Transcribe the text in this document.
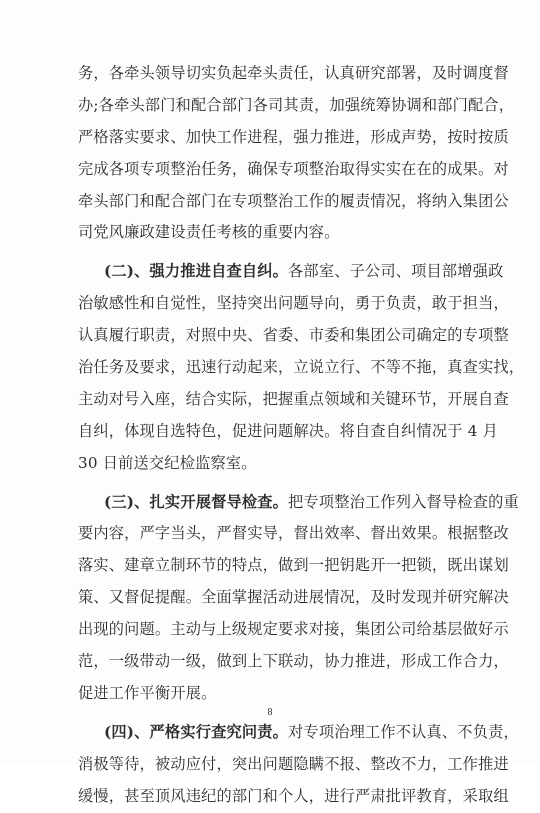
务，各牵头领导切实负起牵头责任，认真研究部署，及时调度督
办;各牵头部门和配合部门各司其责，加强统筹协调和部门配合，
严格落实要求、加快工作进程，强力推进，形成声势，按时按质
完成各项专项整治任务，确保专项整治取得实实在在的成果。对
牵头部门和配合部门在专项整治工作的履责情况，将纳入集团公
司党风廉政建设责任考核的重要内容。
(二)、强力推进自查自纠。各部室、子公司、项目部增强政
治敏感性和自觉性，坚持突出问题导向，勇于负责，敢于担当，
认真履行职责，对照中央、省委、市委和集团公司确定的专项整
治任务及要求，迅速行动起来，立说立行、不等不拖，真查实找，
主动对号入座，结合实际，把握重点领域和关键环节，开展自查
自纠，体现自选特色，促进问题解决。将自查自纠情况于 4 月
30 日前送交纪检监察室。
(三)、扎实开展督导检查。把专项整治工作列入督导检查的重
要内容，严字当头，严督实导，督出效率、督出效果。根据整改
落实、建章立制环节的特点，做到一把钥匙开一把锁，既出谋划
策、又督促提醒。全面掌握活动进展情况，及时发现并研究解决
出现的问题。主动与上级规定要求对接，集团公司给基层做好示
范，一级带动一级，做到上下联动，协力推进，形成工作合力，
促进工作平衡开展。
(四)、严格实行查究问责。对专项治理工作不认真、不负责，
消极等待，被动应付，突出问题隐瞒不报、整改不力，工作推进
缓慢，甚至顶风违纪的部门和个人，进行严肃批评教育，采取组
8
